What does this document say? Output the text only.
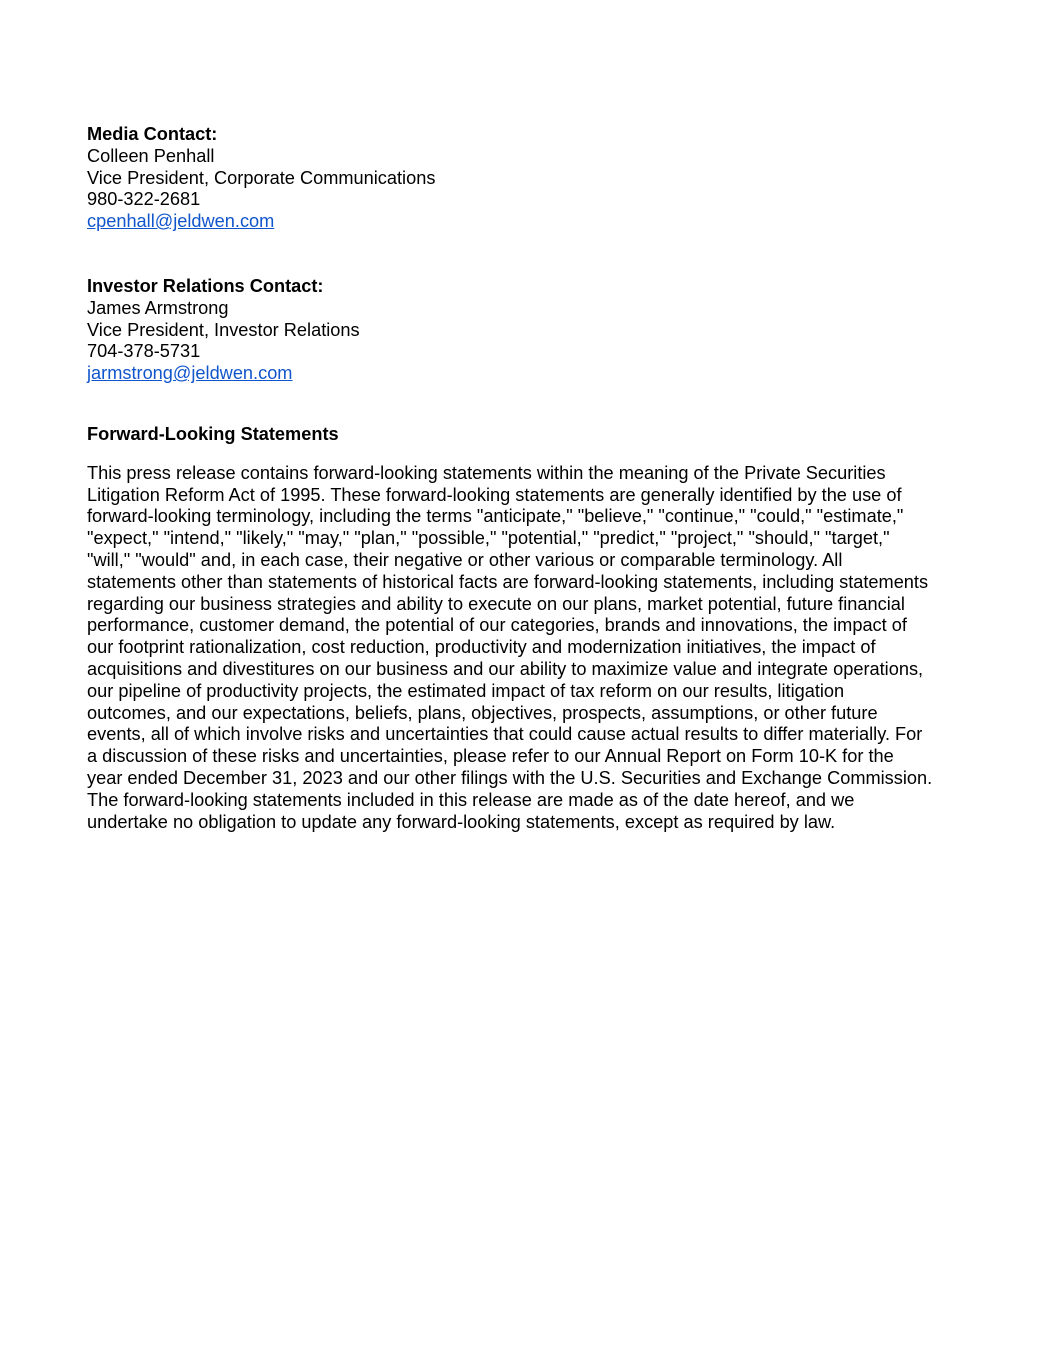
Media Contact:
Colleen Penhall
Vice President, Corporate Communications
980-322-2681
cpenhall@jeldwen.com
Investor Relations Contact:
James Armstrong
Vice President, Investor Relations
704-378-5731
jarmstrong@jeldwen.com
Forward-Looking Statements
This press release contains forward-looking statements within the meaning of the Private Securities
Litigation Reform Act of 1995. These forward-looking statements are generally identified by the use of
forward-looking terminology, including the terms "anticipate," "believe," "continue," "could," "estimate,"
"expect," "intend," "likely," "may," "plan," "possible," "potential," "predict," "project," "should," "target,"
"will," "would" and, in each case, their negative or other various or comparable terminology. All
statements other than statements of historical facts are forward-looking statements, including statements
regarding our business strategies and ability to execute on our plans, market potential, future financial
performance, customer demand, the potential of our categories, brands and innovations, the impact of
our footprint rationalization, cost reduction, productivity and modernization initiatives, the impact of
acquisitions and divestitures on our business and our ability to maximize value and integrate operations,
our pipeline of productivity projects, the estimated impact of tax reform on our results, litigation
outcomes, and our expectations, beliefs, plans, objectives, prospects, assumptions, or other future
events, all of which involve risks and uncertainties that could cause actual results to differ materially. For
a discussion of these risks and uncertainties, please refer to our Annual Report on Form 10-K for the
year ended December 31, 2023 and our other filings with the U.S. Securities and Exchange Commission.
The forward-looking statements included in this release are made as of the date hereof, and we
undertake no obligation to update any forward-looking statements, except as required by law.
